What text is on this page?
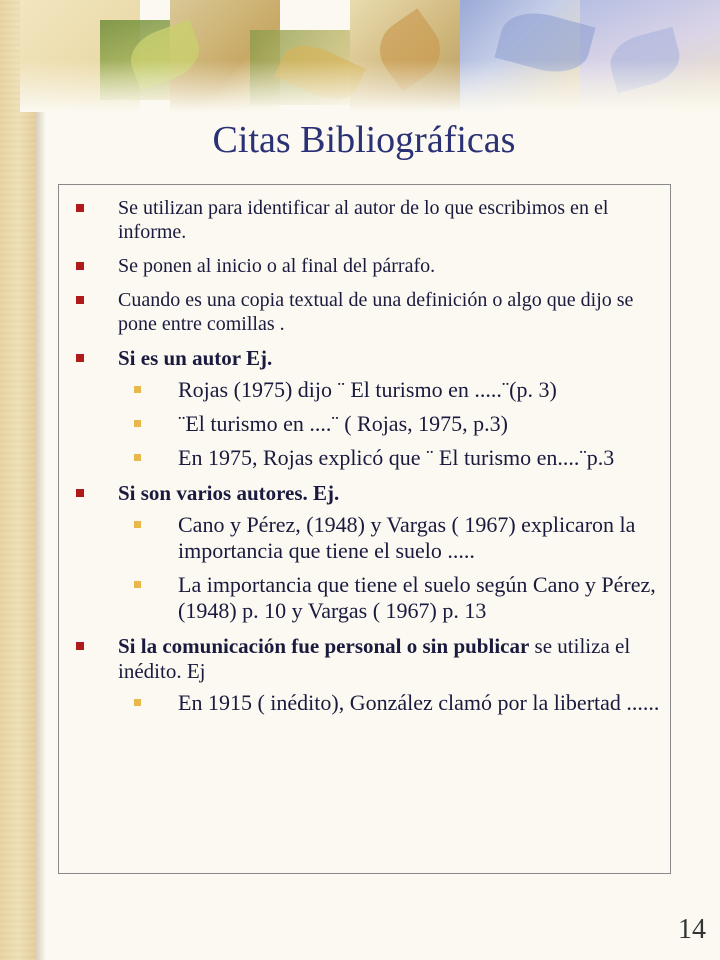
Citas Bibliográficas
Se utilizan para identificar al autor de lo que escribimos en el informe.
Se ponen al inicio o al final del párrafo.
Cuando es una copia textual de una definición o algo que dijo se pone entre comillas .
Si es un autor Ej.
Rojas (1975) dijo ¨ El turismo en .....¨(p. 3)
¨El turismo en ....¨ ( Rojas, 1975, p.3)
En 1975, Rojas explicó que ¨ El turismo en....¨p.3
Si son varios autores. Ej.
Cano y Pérez, (1948) y Vargas ( 1967) explicaron la importancia que tiene el suelo .....
La importancia que tiene el suelo según Cano y Pérez, (1948) p. 10 y Vargas ( 1967) p. 13
Si la comunicación fue personal o sin publicar se utiliza el inédito. Ej
En 1915 ( inédito), González clamó por la libertad ......
14
